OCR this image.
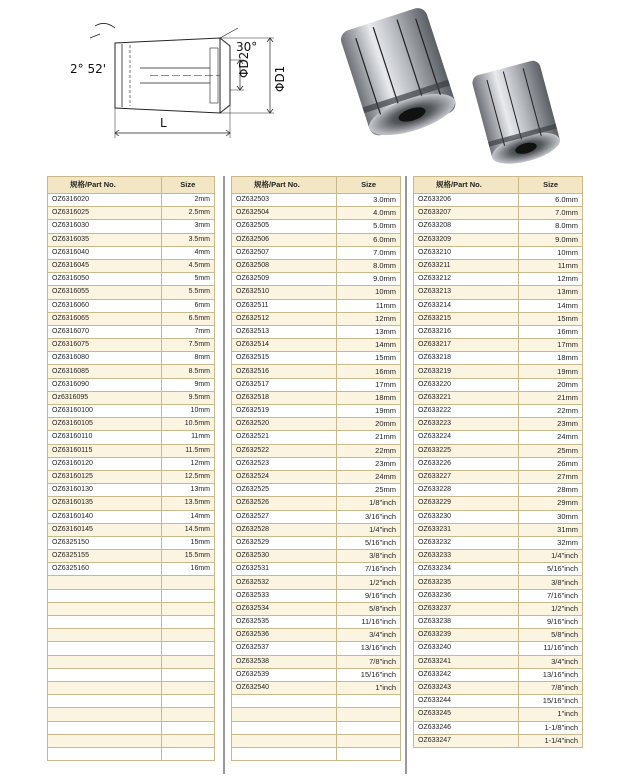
2° 52'
30°
ΦD2
ΦD1
L
规格/Part No.	Size
OZ6316020	2mm
OZ6316025	2.5mm
OZ6316030	3mm
OZ6316035	3.5mm
OZ6316040	4mm
OZ6316045	4.5mm
OZ6316050	5mm
OZ6316055	5.5mm
OZ6316060	6mm
OZ6316065	6.5mm
OZ6316070	7mm
OZ6316075	7.5mm
OZ6316080	8mm
OZ6316085	8.5mm
OZ6316090	9mm
Oz6316095	9.5mm
OZ63160100	10mm
OZ63160105	10.5mm
OZ63160110	11mm
OZ63160115	11.5mm
OZ63160120	12mm
OZ63160125	12.5mm
OZ63160130	13mm
OZ63160135	13.5mm
OZ63160140	14mm
OZ63160145	14.5mm
OZ6325150	15mm
OZ6325155	15.5mm
OZ6325160	16mm

规格/Part No.	Size
OZ632503	3.0mm
OZ632504	4.0mm
OZ632505	5.0mm
OZ632506	6.0mm
OZ632507	7.0mm
OZ632508	8.0mm
OZ632509	9.0mm
OZ632510	10mm
OZ632511	11mm
OZ632512	12mm
OZ632513	13mm
OZ632514	14mm
OZ632515	15mm
OZ632516	16mm
OZ632517	17mm
OZ632518	18mm
OZ632519	19mm
OZ632520	20mm
OZ632521	21mm
OZ632522	22mm
OZ632523	23mm
OZ632524	24mm
OZ632525	25mm
OZ632526	1/8"inch
OZ632527	3/16"inch
OZ632528	1/4"inch
OZ632529	5/16"inch
OZ632530	3/8"inch
OZ632531	7/16"inch
OZ632532	1/2"inch
OZ632533	9/16"inch
OZ632534	5/8"inch
OZ632535	11/16"inch
OZ632536	3/4"inch
OZ632537	13/16"inch
OZ632538	7/8"inch
OZ632539	15/16"inch
OZ632540	1"inch

规格/Part No.	Size
OZ633206	6.0mm
OZ633207	7.0mm
OZ633208	8.0mm
OZ633209	9.0mm
OZ633210	10mm
OZ633211	11mm
OZ633212	12mm
OZ633213	13mm
OZ633214	14mm
OZ633215	15mm
OZ633216	16mm
OZ633217	17mm
OZ633218	18mm
OZ633219	19mm
OZ633220	20mm
OZ633221	21mm
OZ633222	22mm
OZ633223	23mm
OZ633224	24mm
OZ633225	25mm
OZ633226	26mm
OZ633227	27mm
OZ633228	28mm
OZ633229	29mm
OZ633230	30mm
OZ633231	31mm
OZ633232	32mm
OZ633233	1/4"inch
OZ633234	5/16"inch
OZ633235	3/8"inch
OZ633236	7/16"inch
OZ633237	1/2"inch
OZ633238	9/16"inch
OZ633239	5/8"inch
OZ633240	11/16"inch
OZ633241	3/4"inch
OZ633242	13/16"inch
OZ633243	7/8"inch
OZ633244	15/16"inch
OZ633245	1"inch
OZ633246	1-1/8"inch
OZ633247	1-1/4"inch
